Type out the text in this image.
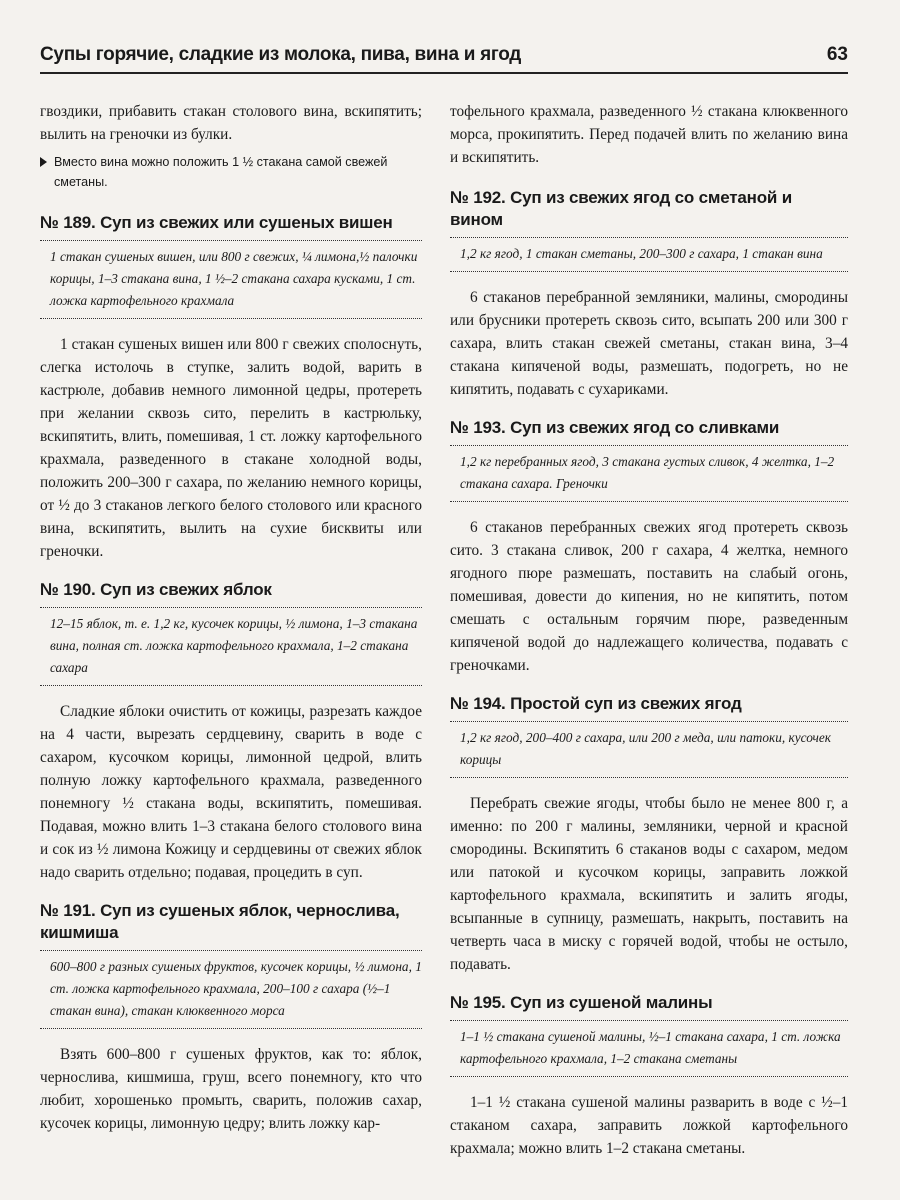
Супы горячие, сладкие из молока, пива, вина и ягод	63

гвоздики, прибавить стакан столового вина, вскипятить; вылить на греночки из булки.

Вместо вина можно положить 1 ½ стакана самой свежей сметаны.
№ 189. Суп из свежих или сушеных вишен

1 стакан сушеных вишен, или 800 г свежих, ¼ лимона,½ палочки корицы, 1–3 стакана вина, 1 ½–2 стакана сахара кусками, 1 ст. ложка картофельного крахмала

1 стакан сушеных вишен или 800 г свежих сполоснуть, слегка истолочь в ступке, залить водой, варить в кастрюле, добавив немного лимонной цедры, протереть при желании сквозь сито, перелить в кастрюльку, вскипятить, влить, помешивая, 1 ст. ложку картофельного крахмала, разведенного в стакане холодной воды, положить 200–300 г сахара, по желанию немного корицы, от ½ до 3 стаканов легкого белого столового или красного вина, вскипятить, вылить на сухие бисквиты или греночки.

№ 190. Суп из свежих яблок

12–15 яблок, т. е. 1,2 кг, кусочек корицы, ½ лимона, 1–3 стакана вина, полная ст. ложка картофельного крахмала, 1–2 стакана сахара

Сладкие яблоки очистить от кожицы, разрезать каждое на 4 части, вырезать сердцевину, сварить в воде с сахаром, кусочком корицы, лимонной цедрой, влить полную ложку картофельного крахмала, разведенного понемногу ½ стакана воды, вскипятить, помешивая. Подавая, можно влить 1–3 стакана белого столового вина и сок из ½ лимона Кожицу и сердцевины от свежих яблок надо сварить отдельно; подавая, процедить в суп.

№ 191. Суп из сушеных яблок, чернослива, кишмиша

600–800 г разных сушеных фруктов, кусочек корицы, ½ лимона, 1 ст. ложка картофельного крахмала, 200–100 г сахара (½–1 стакан вина), стакан клюквенного морса

Взять 600–800 г сушеных фруктов, как то: яблок, чернослива, кишмиша, груш, всего понемногу, кто что любит, хорошенько промыть, сварить, положив сахар, кусочек корицы, лимонную цедру; влить ложку кар-

тофельного крахмала, разведенного ½ стакана клюквенного морса, прокипятить. Перед подачей влить по желанию вина и вскипятить.

№ 192. Суп из свежих ягод со сметаной и вином

1,2 кг ягод, 1 стакан сметаны, 200–300 г сахара, 1 стакан вина

6 стаканов перебранной земляники, малины, смородины или брусники протереть сквозь сито, всыпать 200 или 300 г сахара, влить стакан свежей сметаны, стакан вина, 3–4 стакана кипяченой воды, размешать, подогреть, но не кипятить, подавать с сухариками.

№ 193. Суп из свежих ягод со сливками

1,2 кг перебранных ягод, 3 стакана густых сливок, 4 желтка, 1–2 стакана сахара. Греночки

6 стаканов перебранных свежих ягод протереть сквозь сито. 3 стакана сливок, 200 г сахара, 4 желтка, немного ягодного пюре размешать, поставить на слабый огонь, помешивая, довести до кипения, но не кипятить, потом смешать с остальным горячим пюре, разведенным кипяченой водой до надлежащего количества, подавать с греночками.

№ 194. Простой суп из свежих ягод

1,2 кг ягод, 200–400 г сахара, или 200 г меда, или патоки, кусочек корицы

Перебрать свежие ягоды, чтобы было не менее 800 г, а именно: по 200 г малины, земляники, черной и красной смородины. Вскипятить 6 стаканов воды с сахаром, медом или патокой и кусочком корицы, заправить ложкой картофельного крахмала, вскипятить и залить ягоды, всыпанные в супницу, размешать, накрыть, поставить на четверть часа в миску с горячей водой, чтобы не остыло, подавать.

№ 195. Суп из сушеной малины

1–1 ½ стакана сушеной малины, ½–1 стакана сахара, 1 ст. ложка картофельного крахмала, 1–2 стакана сметаны

1–1 ½ стакана сушеной малины разварить в воде с ½–1 стаканом сахара, заправить ложкой картофельного крахмала; можно влить 1–2 стакана сметаны.
